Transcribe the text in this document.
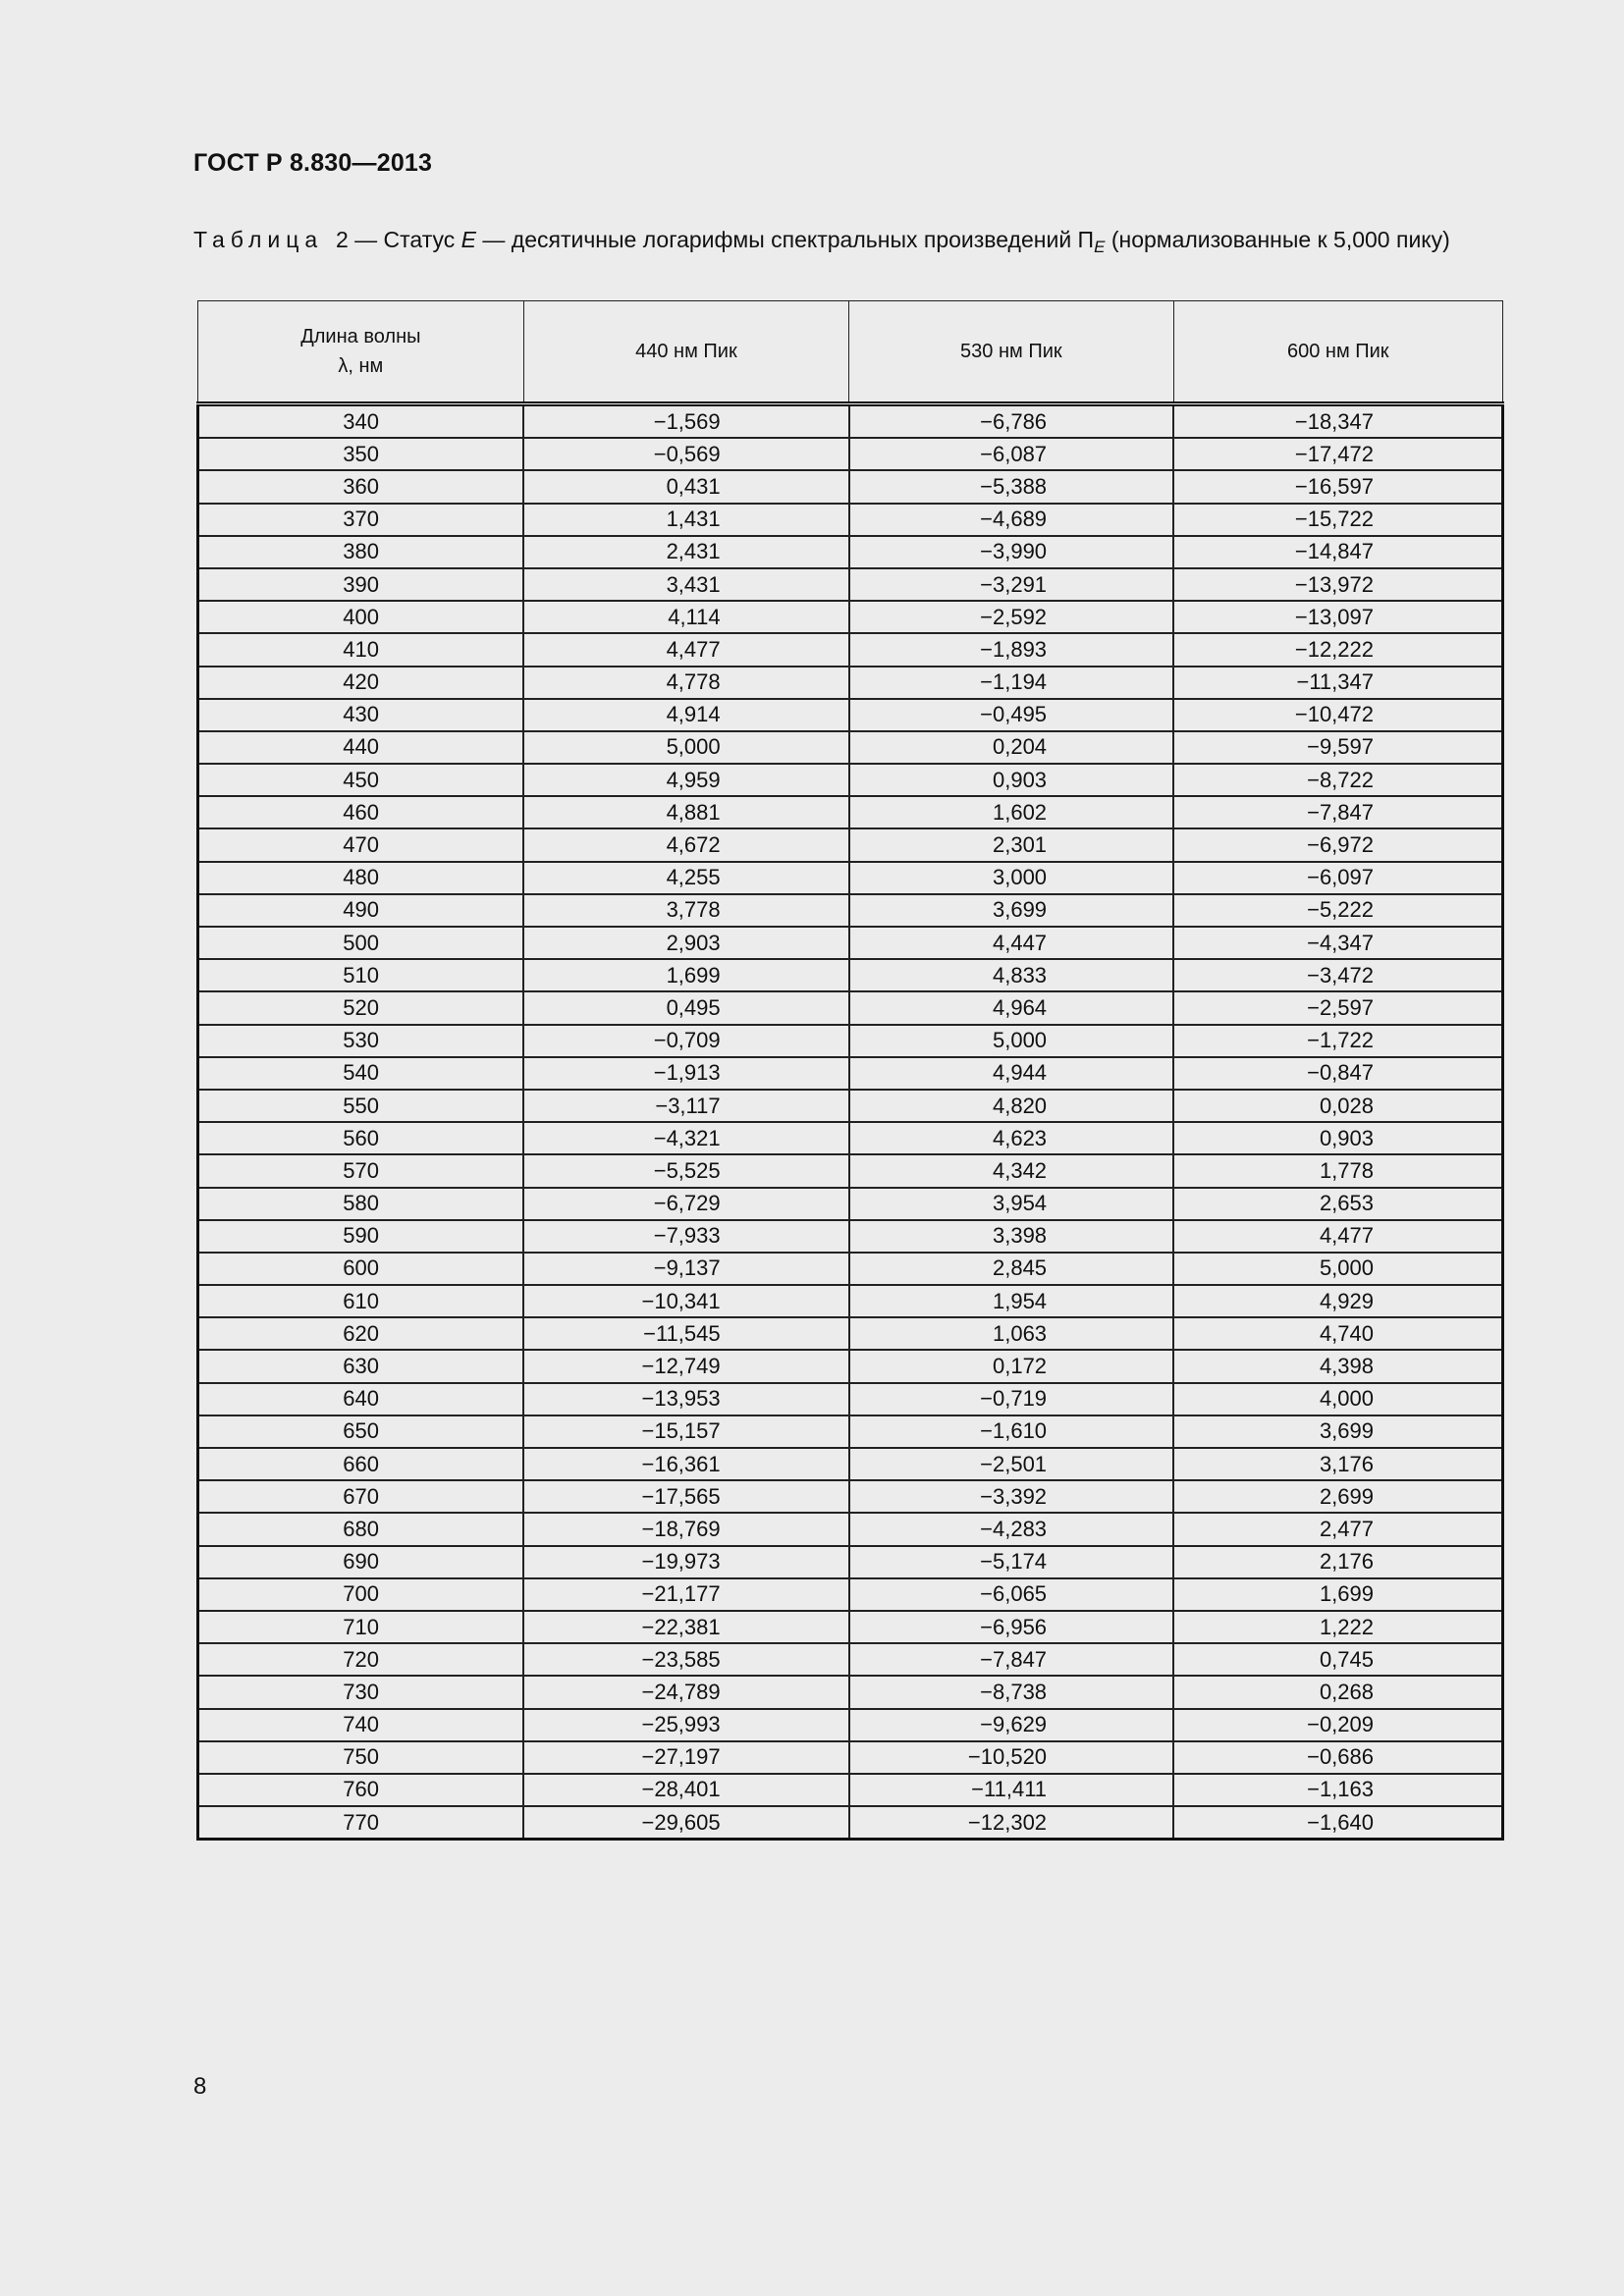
ГОСТ Р 8.830—2013
Таблица 2 — Статус E — десятичные логарифмы спектральных произведений $П_E$ (нормализованные к 5,000 пику)
Длина волны
λ, нм	440 нм Пик	530 нм Пик	600 нм Пик
340	−1,569	−6,786	−18,347
350	−0,569	−6,087	−17,472
360	0,431	−5,388	−16,597
370	1,431	−4,689	−15,722
380	2,431	−3,990	−14,847
390	3,431	−3,291	−13,972
400	4,114	−2,592	−13,097
410	4,477	−1,893	−12,222
420	4,778	−1,194	−11,347
430	4,914	−0,495	−10,472
440	5,000	0,204	−9,597
450	4,959	0,903	−8,722
460	4,881	1,602	−7,847
470	4,672	2,301	−6,972
480	4,255	3,000	−6,097
490	3,778	3,699	−5,222
500	2,903	4,447	−4,347
510	1,699	4,833	−3,472
520	0,495	4,964	−2,597
530	−0,709	5,000	−1,722
540	−1,913	4,944	−0,847
550	−3,117	4,820	0,028
560	−4,321	4,623	0,903
570	−5,525	4,342	1,778
580	−6,729	3,954	2,653
590	−7,933	3,398	4,477
600	−9,137	2,845	5,000
610	−10,341	1,954	4,929
620	−11,545	1,063	4,740
630	−12,749	0,172	4,398
640	−13,953	−0,719	4,000
650	−15,157	−1,610	3,699
660	−16,361	−2,501	3,176
670	−17,565	−3,392	2,699
680	−18,769	−4,283	2,477
690	−19,973	−5,174	2,176
700	−21,177	−6,065	1,699
710	−22,381	−6,956	1,222
720	−23,585	−7,847	0,745
730	−24,789	−8,738	0,268
740	−25,993	−9,629	−0,209
750	−27,197	−10,520	−0,686
760	−28,401	−11,411	−1,163
770	−29,605	−12,302	−1,640
8
